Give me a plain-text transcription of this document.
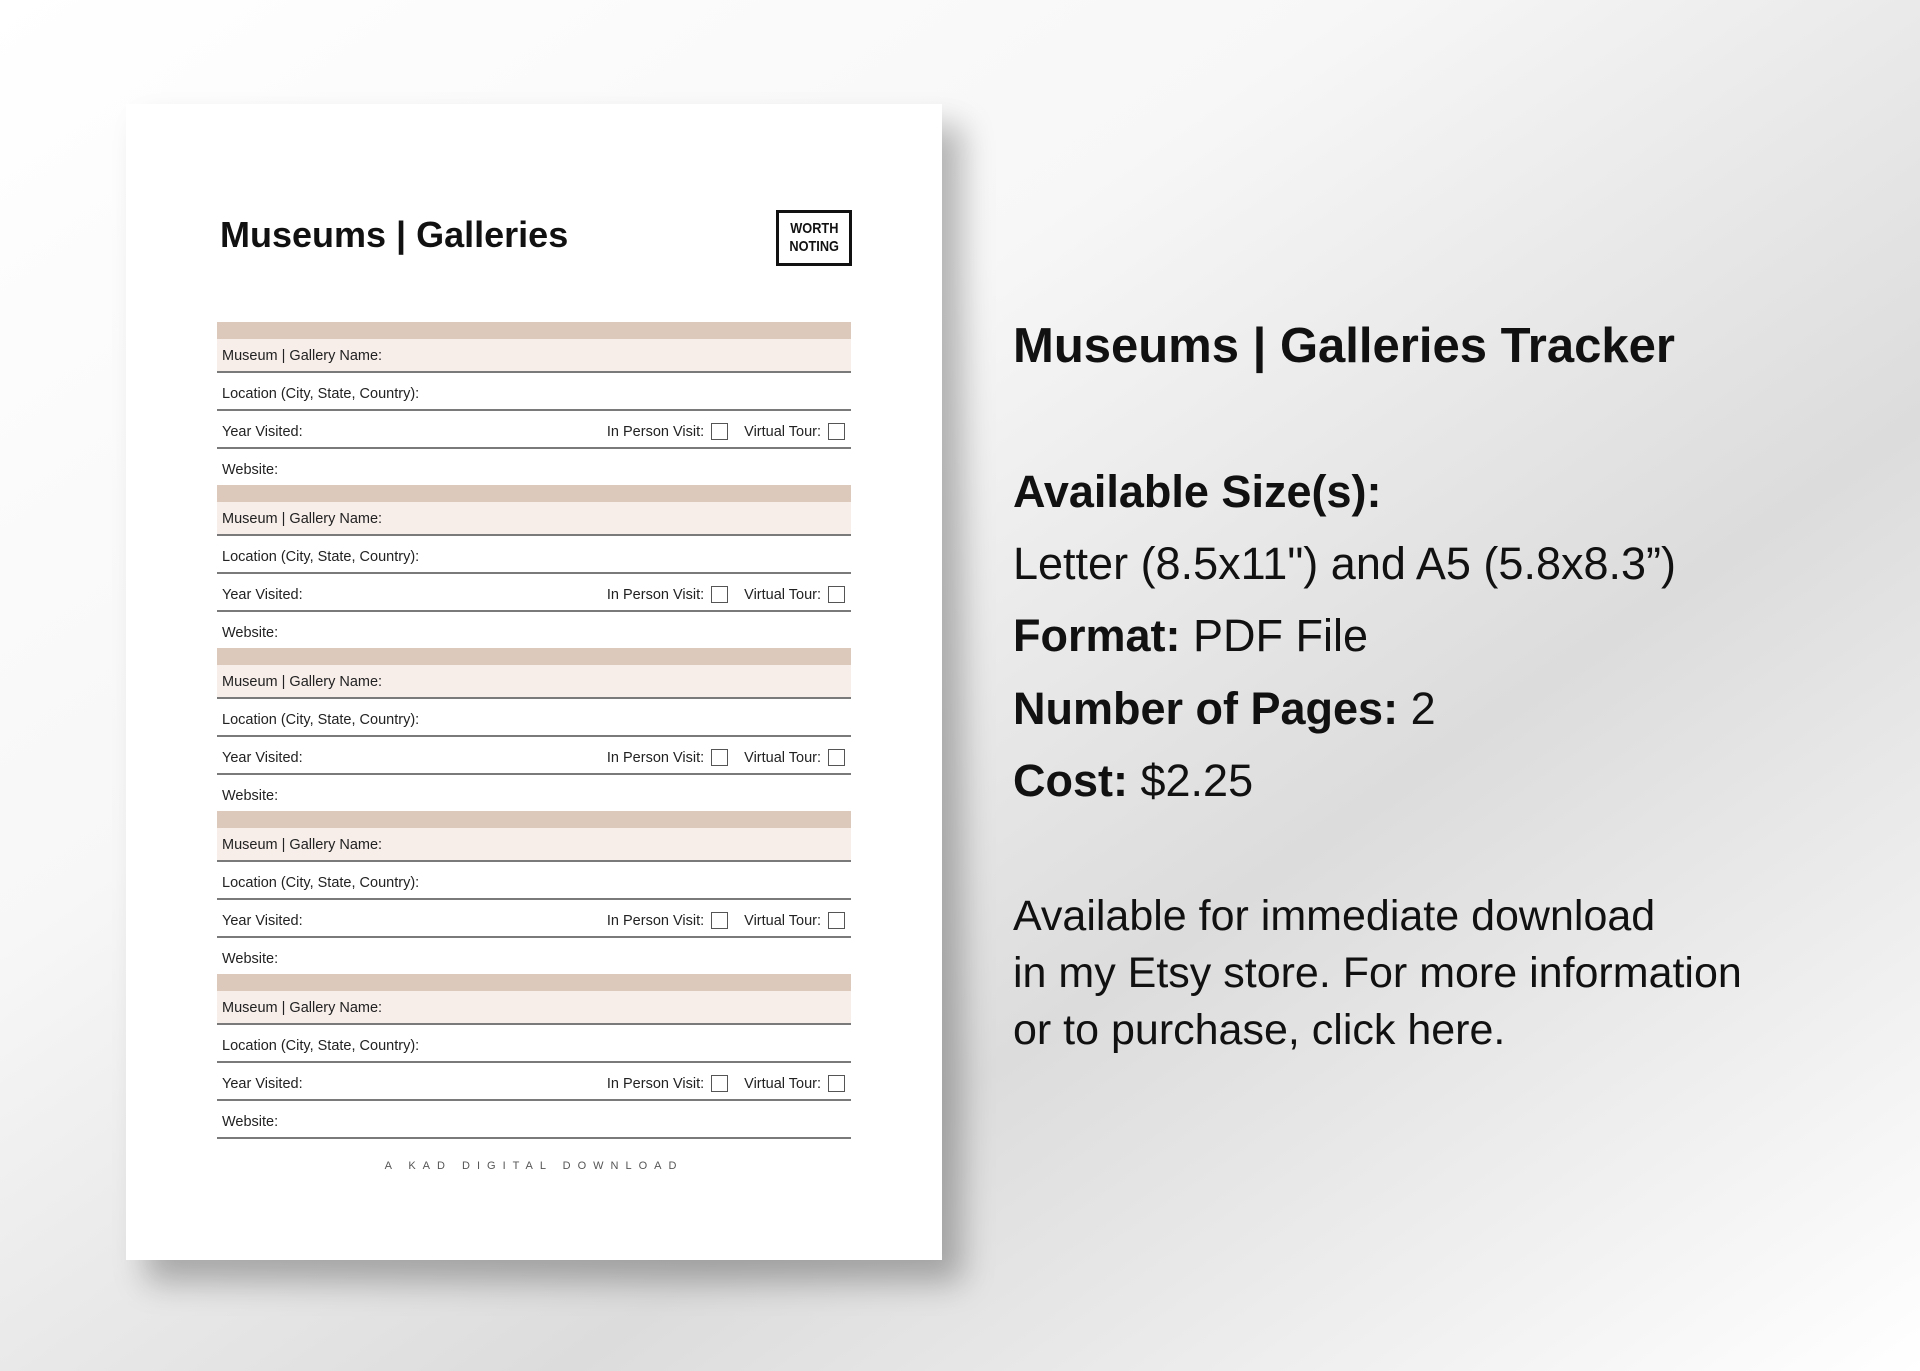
Museums | Galleries	WORTH
NOTING
Museum | Gallery Name:
Location (City, State, Country):
Year Visited:	In Person Visit:	Virtual Tour:
Website:
Museum | Gallery Name:
Location (City, State, Country):
Year Visited:	In Person Visit:	Virtual Tour:
Website:
Museum | Gallery Name:
Location (City, State, Country):
Year Visited:	In Person Visit:	Virtual Tour:
Website:
Museum | Gallery Name:
Location (City, State, Country):
Year Visited:	In Person Visit:	Virtual Tour:
Website:
Museum | Gallery Name:
Location (City, State, Country):
Year Visited:	In Person Visit:	Virtual Tour:
Website:
A KAD DIGITAL DOWNLOAD
Museums | Galleries Tracker
Available Size(s):
Letter (8.5x11") and A5 (5.8x8.3”)
Format: PDF File
Number of Pages: 2
Cost: $2.25
Available for immediate download
in my Etsy store. For more information
or to purchase, click here.
